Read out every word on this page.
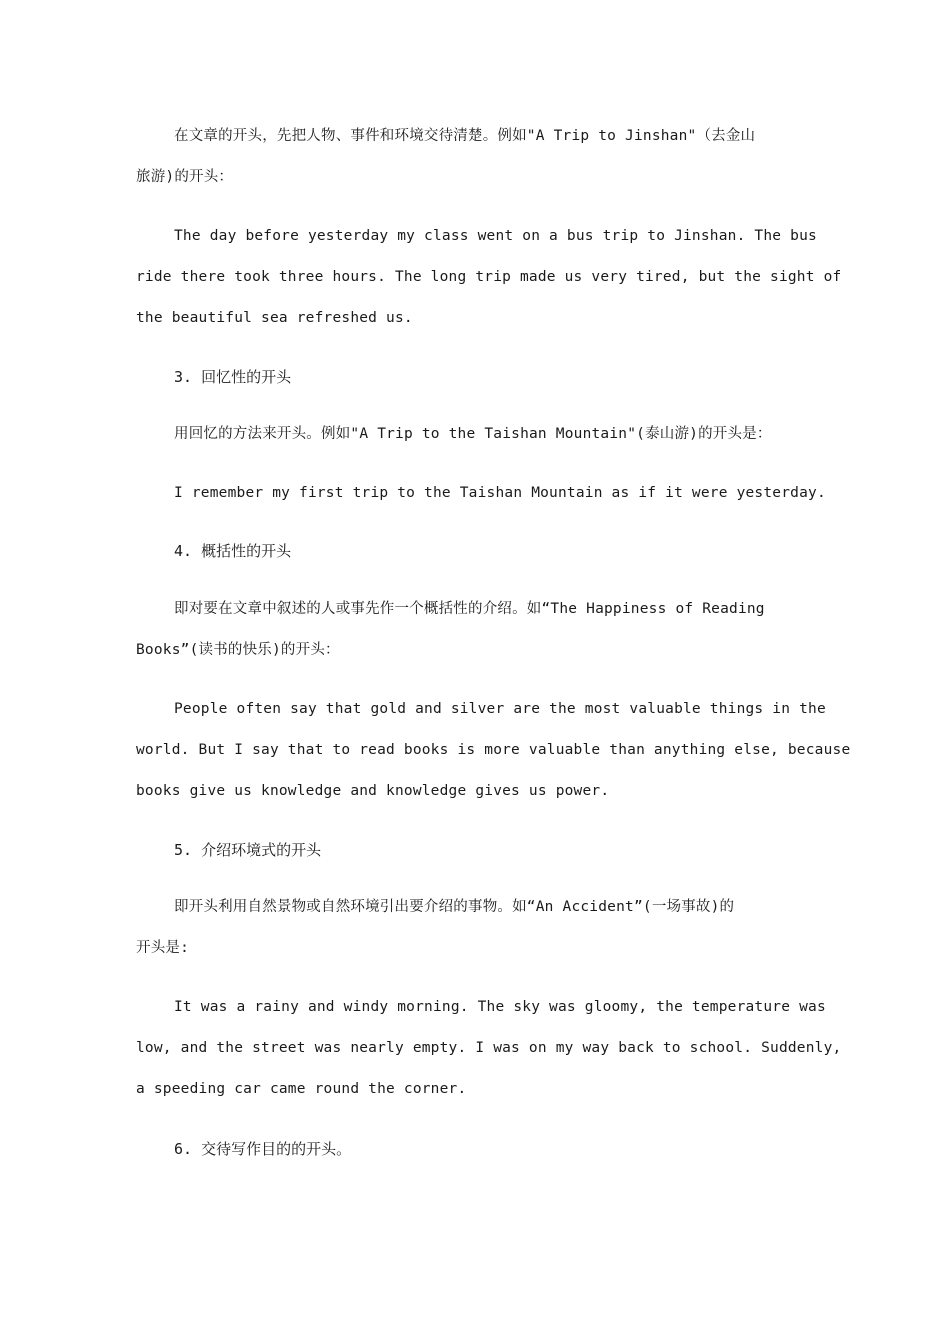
在文章的开头，先把人物、事件和环境交待清楚。例如"A Trip to Jinshan"（去金山
旅游)的开头：

The day before yesterday my class went on a bus trip to Jinshan. The bus
ride there took three hours. The long trip made us very tired, but the sight of
the beautiful sea refreshed us.

3. 回忆性的开头

用回忆的方法来开头。例如"A Trip to the Taishan Mountain"(泰山游)的开头是：

I remember my first trip to the Taishan Mountain as if it were yesterday.

4. 概括性的开头

即对要在文章中叙述的人或事先作一个概括性的介绍。如“The Happiness of Reading
Books”(读书的快乐)的开头：

People often say that gold and silver are the most valuable things in the
world. But I say that to read books is more valuable than anything else, because
books give us knowledge and knowledge gives us power.

5. 介绍环境式的开头

即开头利用自然景物或自然环境引出要介绍的事物。如“An Accident”(一场事故)的
开头是:

It was a rainy and windy morning. The sky was gloomy, the temperature was
low, and the street was nearly empty. I was on my way back to school. Suddenly,
a speeding car came round the corner.

6. 交待写作目的的开头。
